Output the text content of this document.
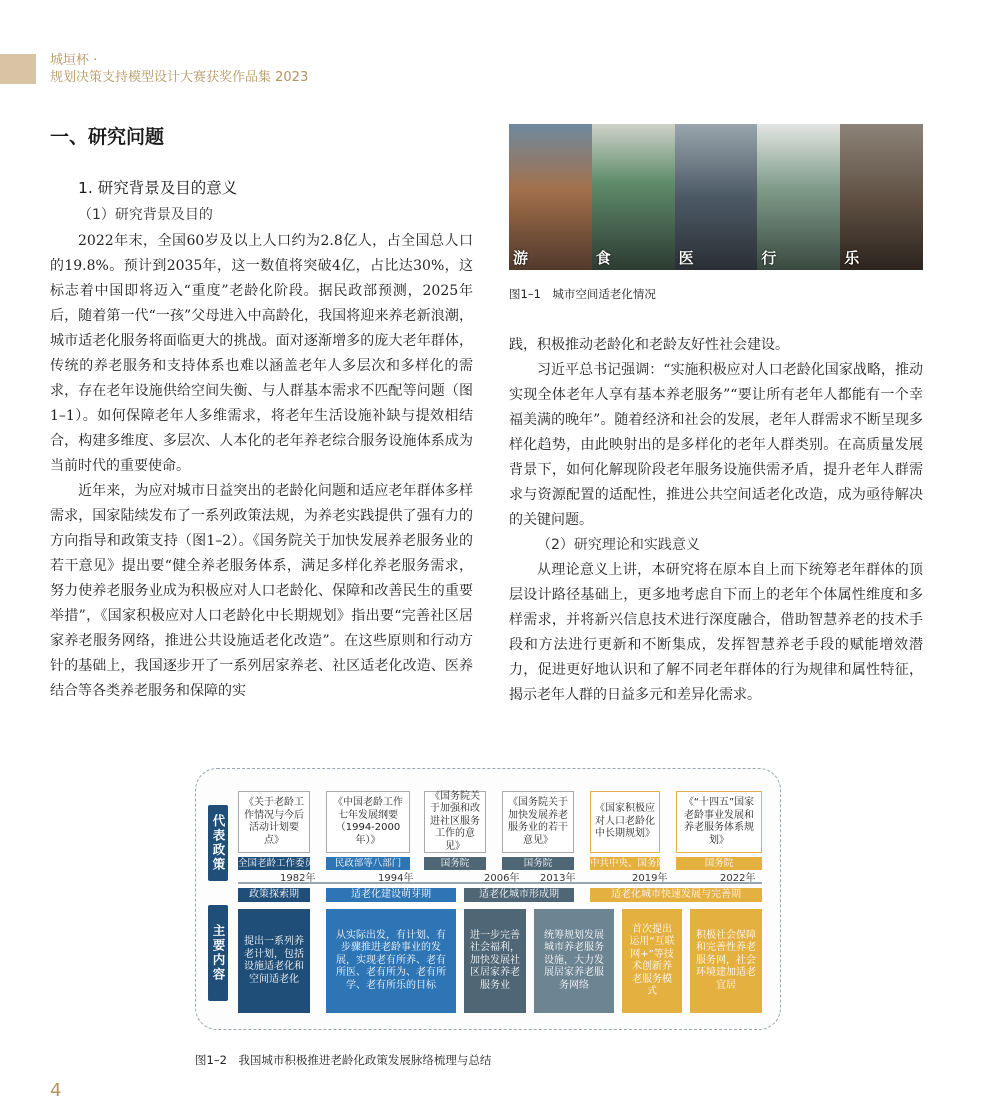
城垣杯 ·
规划决策支持模型设计大赛获奖作品集 2023
一、研究问题
1. 研究背景及目的意义
（1）研究背景及目的

2022年末，全国60岁及以上人口约为2.8亿人，占全国总人口的19.8%。预计到2035年，这一数值将突破4亿，占比达30%，这标志着中国即将迈入“重度”老龄化阶段。据民政部预测，2025年后，随着第一代“一孩”父母进入中高龄化，我国将迎来养老新浪潮，城市适老化服务将面临更大的挑战。面对逐渐增多的庞大老年群体，传统的养老服务和支持体系也难以涵盖老年人多层次和多样化的需求，存在老年设施供给空间失衡、与人群基本需求不匹配等问题（图1–1）。如何保障老年人多维需求，将老年生活设施补缺与提效相结合，构建多维度、多层次、人本化的老年养老综合服务设施体系成为当前时代的重要使命。

近年来，为应对城市日益突出的老龄化问题和适应老年群体多样需求，国家陆续发布了一系列政策法规，为养老实践提供了强有力的方向指导和政策支持（图1–2）。《国务院关于加快发展养老服务业的若干意见》提出要“健全养老服务体系，满足多样化养老服务需求，努力使养老服务业成为积极应对人口老龄化、保障和改善民生的重要举措”，《国家积极应对人口老龄化中长期规划》指出要“完善社区居家养老服务网络，推进公共设施适老化改造”。在这些原则和行动方针的基础上，我国逐步开了一系列居家养老、社区适老化改造、医养结合等各类养老服务和保障的实

游	食	医	行	乐
图1–1　城市空间适老化情况

践，积极推动老龄化和老龄友好性社会建设。

习近平总书记强调：“实施积极应对人口老龄化国家战略，推动实现全体老年人享有基本养老服务”“要让所有老年人都能有一个幸福美满的晚年”。随着经济和社会的发展，老年人群需求不断呈现多样化趋势，由此映射出的是多样化的老年人群类别。在高质量发展背景下，如何化解现阶段老年服务设施供需矛盾，提升老年人群需求与资源配置的适配性，推进公共空间适老化改造，成为亟待解决的关键问题。

（2）研究理论和实践意义

从理论意义上讲，本研究将在原本自上而下统筹老年群体的顶层设计路径基础上，更多地考虑自下而上的老年个体属性维度和多样需求，并将新兴信息技术进行深度融合，借助智慧养老的技术手段和方法进行更新和不断集成，发挥智慧养老手段的赋能增效潜力，促进更好地认识和了解不同老年群体的行为规律和属性特征，揭示老年人群的日益多元和差异化需求。

代表政策
主要内容
《关于老龄工作情况与今后活动计划要点》
《中国老龄工作七年发展纲要（1994-2000年）》
《国务院关于加强和改进社区服务工作的意见》
《国务院关于加快发展养老服务业的若干意见》
《国家积极应对人口老龄化中长期规划》
《“十四五”国家老龄事业发展和养老服务体系规划》
全国老龄工作委员会	民政部等八部门	国务院	国务院	中共中央、国务院	国务院
1982年	1994年	2006年 2013年	2019年	2022年
政策探索期	适老化建设萌芽期	适老化城市形成期	适老化城市快速发展与完善期
提出一系列养老计划，包括设施适老化和空间适老化
从实际出发，有计划、有步骤推进老龄事业的发展，实现老有所养、老有所医、老有所为、老有所学、老有所乐的目标
进一步完善社会福利，加快发展社区居家养老服务业
统筹规划发展城市养老服务设施，大力发展居家养老服务网络
首次提出运用“互联网+”等技术创新养老服务模式
积极社会保障和完善性养老服务网，社会环境建加适老宜居
图1–2　我国城市积极推进老龄化政策发展脉络梳理与总结
4
